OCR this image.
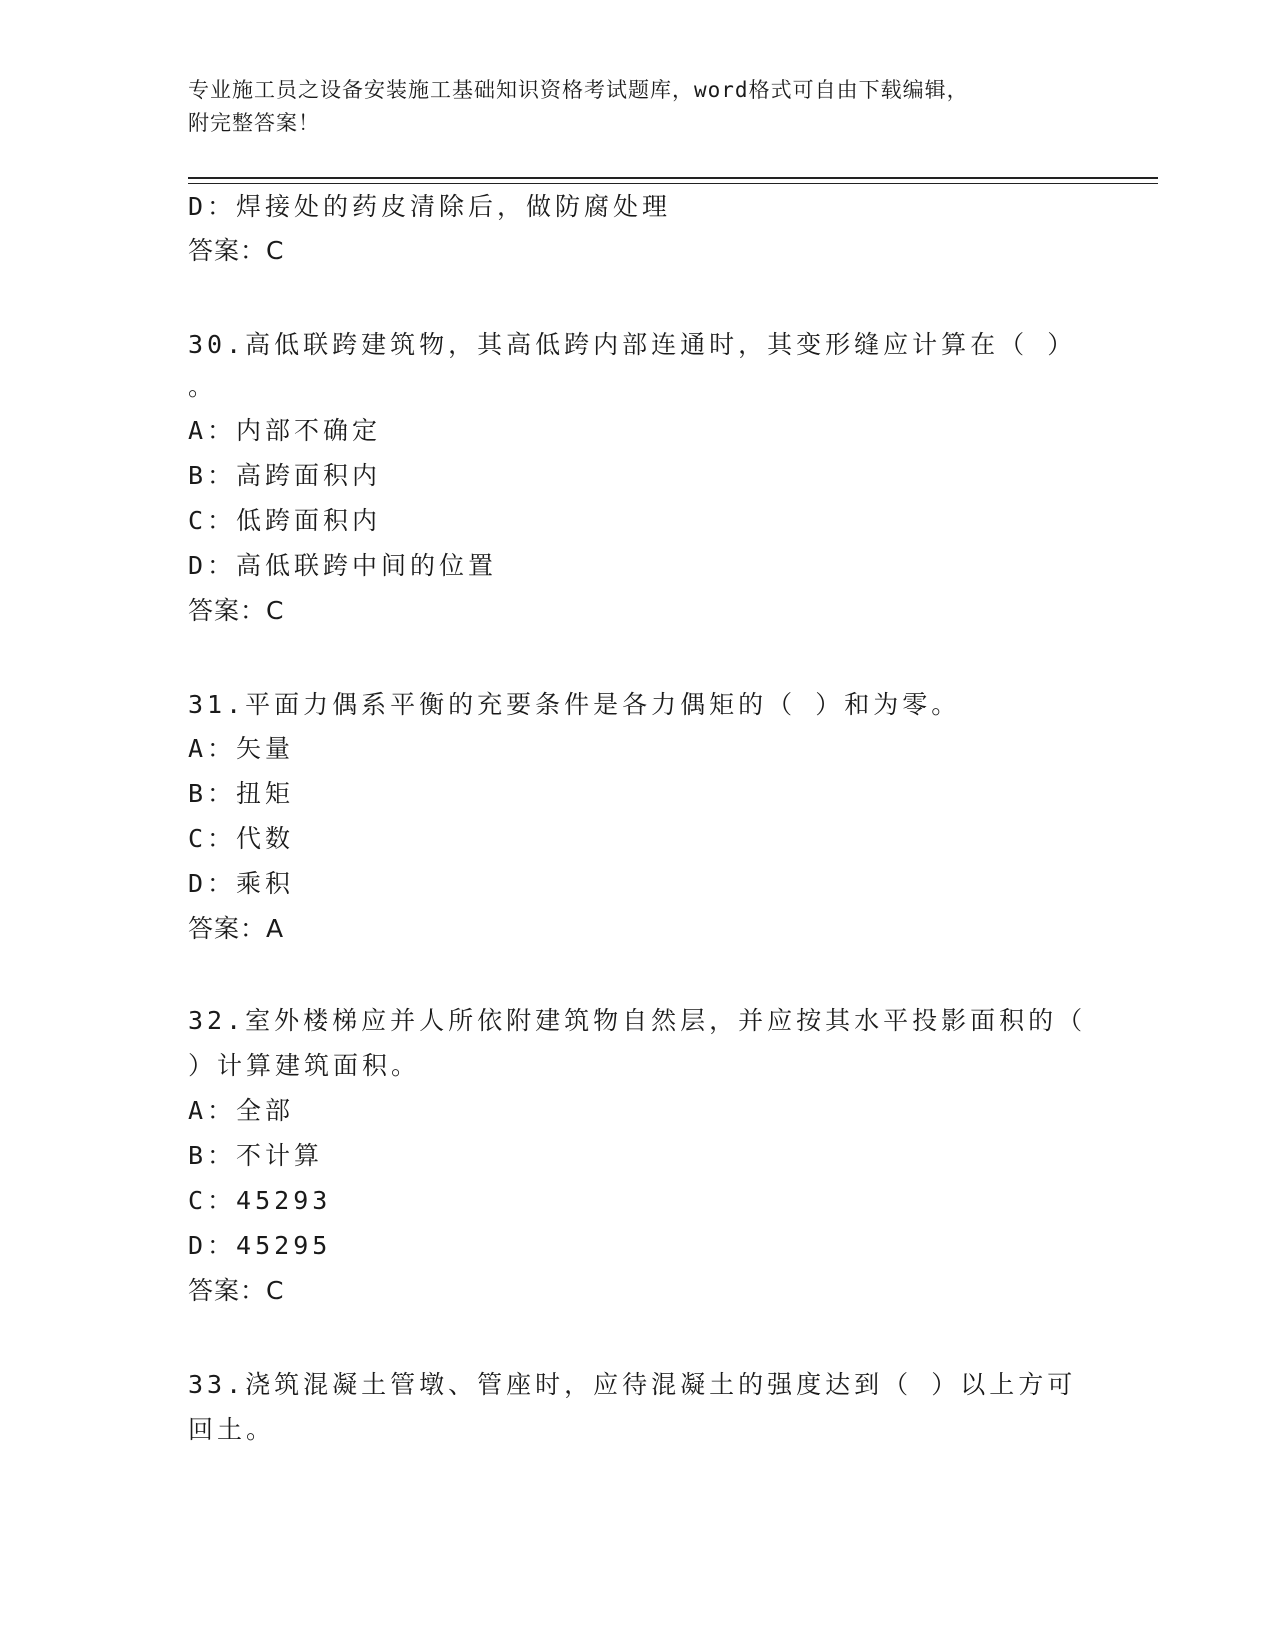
专业施工员之设备安装施工基础知识资格考试题库，word格式可自由下载编辑，
附完整答案！
D：焊接处的药皮清除后，做防腐处理
答案：C
30.高低联跨建筑物，其高低跨内部连通时，其变形缝应计算在（ ）
。
A：内部不确定
B：高跨面积内
C：低跨面积内
D：高低联跨中间的位置
答案：C
31.平面力偶系平衡的充要条件是各力偶矩的（ ）和为零。
A：矢量
B：扭矩
C：代数
D：乘积
答案：A
32.室外楼梯应并人所依附建筑物自然层，并应按其水平投影面积的（
）计算建筑面积。
A：全部
B：不计算
C：45293
D：45295
答案：C
33.浇筑混凝土管墩、管座时，应待混凝土的强度达到（ ）以上方可
回土。
